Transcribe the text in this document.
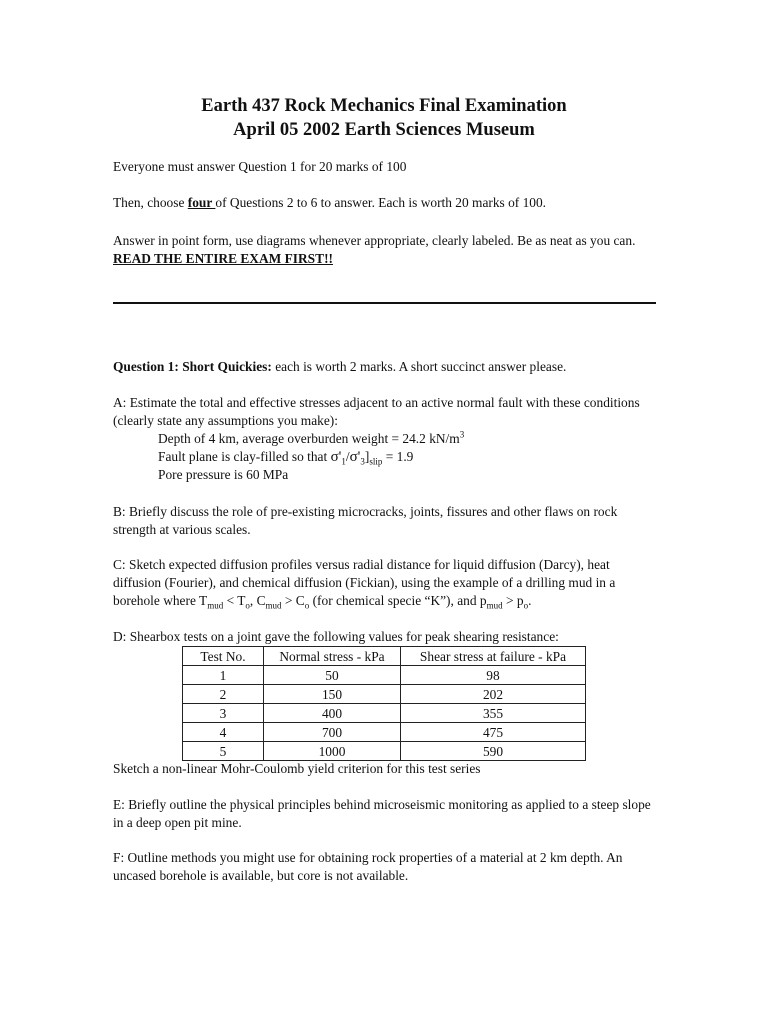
Earth 437 Rock Mechanics Final Examination
April 05 2002 Earth Sciences Museum

Everyone must answer Question 1 for 20 marks of 100

Then, choose four of Questions 2 to 6 to answer. Each is worth 20 marks of 100.

Answer in point form, use diagrams whenever appropriate, clearly labeled. Be as neat as you can. READ THE ENTIRE EXAM FIRST!!

Question 1: Short Quickies: each is worth 2 marks. A short succinct answer please.

A: Estimate the total and effective stresses adjacent to an active normal fault with these conditions (clearly state any assumptions you make):

Depth of 4 km, average overburden weight = 24.2 $kN/m^3$

Fault plane is clay-filled so that $\sigma'_1/\sigma'_3]_{slip} = 1.9$

Pore pressure is 60 MPa

B: Briefly discuss the role of pre-existing microcracks, joints, fissures and other flaws on rock strength at various scales.

C: Sketch expected diffusion profiles versus radial distance for liquid diffusion (Darcy), heat diffusion (Fourier), and chemical diffusion (Fickian), using the example of a drilling mud in a borehole where $T_{mud} < T_o$, $C_{mud} > C_o$ (for chemical specie “K”), and $p_{mud} > p_o$.

D: Shearbox tests on a joint gave the following values for peak shearing resistance:

Test No.	Normal stress - kPa	Shear stress at failure - kPa
1	50	98
2	150	202
3	400	355
4	700	475
5	1000	590

Sketch a non-linear Mohr-Coulomb yield criterion for this test series

E: Briefly outline the physical principles behind microseismic monitoring as applied to a steep slope in a deep open pit mine.

F: Outline methods you might use for obtaining rock properties of a material at 2 km depth. An uncased borehole is available, but core is not available.
